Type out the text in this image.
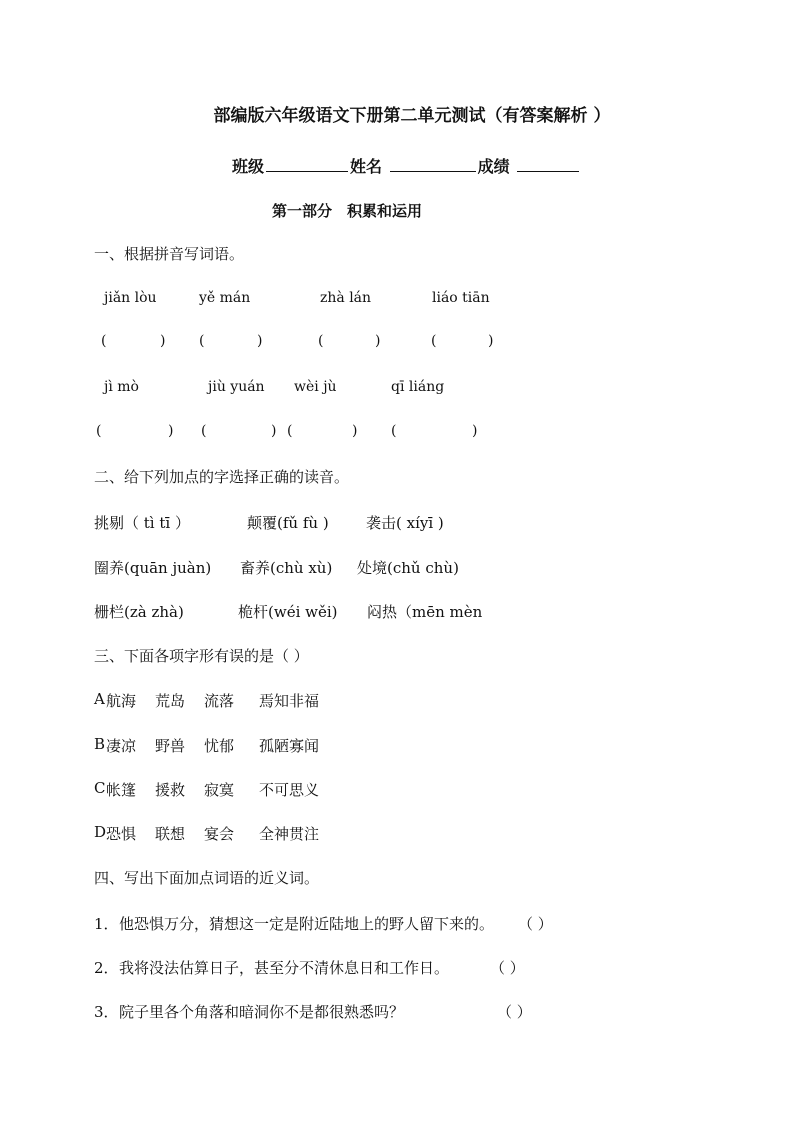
部编版六年级语文下册第二单元测试（有答案解析 ）
班级	姓名	成绩
第一部分　积累和运用
一、根据拼音写词语。
jiǎn lòu	yě mán	zhà lán	liáo tiān
(	) (	)	(	)	(	)
jì mò	jiù yuán wèi jù	qī liáng
(	) (	) (	) (	)
二、给下列加点的字选择正确的读音。
挑剔（ tì tī ）	颠覆(fǔ fù ) 袭击( xíyī )
圈养(quān juàn) 畜养(chù xù) 处境(chǔ chù)
栅栏(zà zhà)	桅杆(wéi wěi) 闷热（mēn mèn
三、下面各项字形有误的是（ ）
A 航海 荒岛 流落 焉知非福
B 凄凉 野兽 忧郁 孤陋寡闻
C 帐篷 援救 寂寞 不可思义
D 恐惧 联想 宴会 全神贯注
四、写出下面加点词语的近义词。
1． 他恐惧万分，猜想这一定是附近陆地上的野人留下来的。 （ ）
2． 我将没法估算日子，甚至分不清休息日和工作日。	（ ）
3． 院子里各个角落和暗洞你不是都很熟悉吗？	（ ）
